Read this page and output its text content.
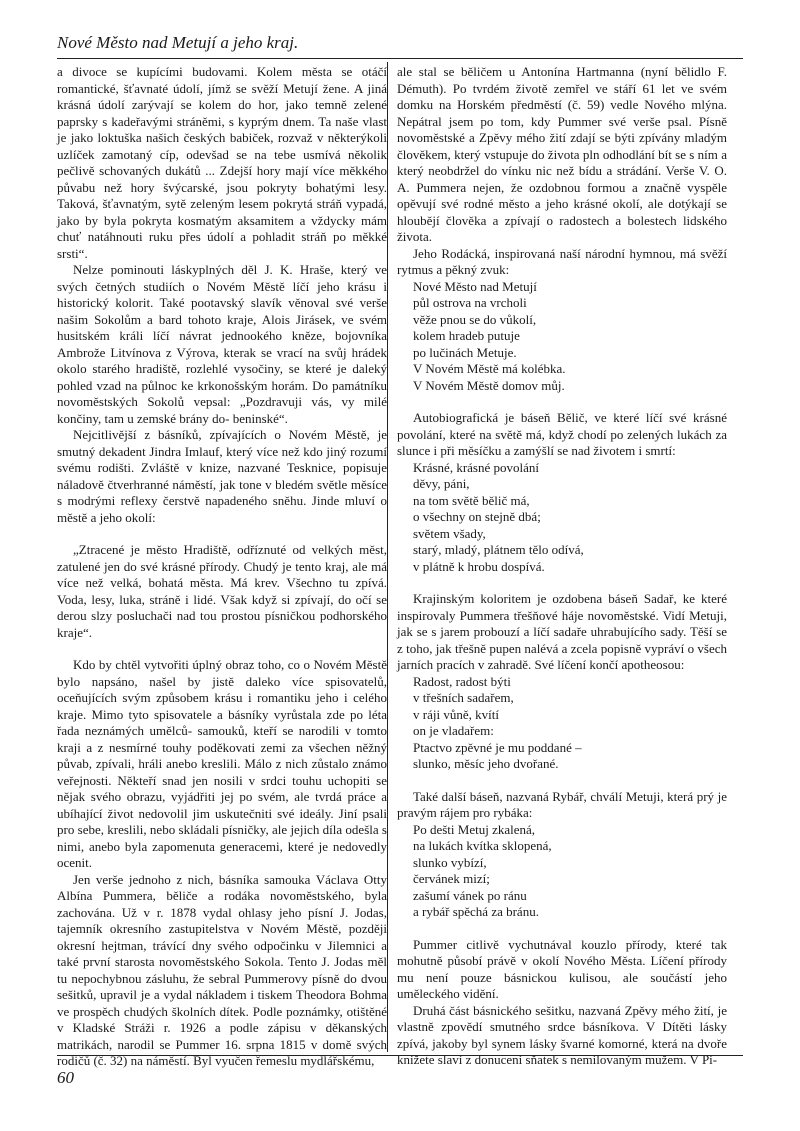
Nové Město nad Metují a jeho kraj.

a divoce se kupícími budovami. Kolem města se otáčí romantické, šťavnaté údolí, jímž se svěží Metují žene. A jiná krásná údolí zarývají se kolem do hor, jako temně zelené paprsky s kadeřavými stráněmi, s kyprým dnem. Ta naše vlast je jako loktuška našich českých babiček, rozvaž v některýkoli uzlíček zamotaný cíp, odevšad se na tebe usmívá několik pečlivě schovaných dukátů ... Zdejší hory mají více měkkého půvabu než hory švýcarské, jsou pokryty bohatými lesy. Taková, šťavnatým, sytě zeleným lesem pokrytá stráň vypadá, jako by byla pokryta kosmatým aksamitem a vždycky mám chuť natáhnouti ruku přes údolí a pohladit stráň po měkké srsti“.

Nelze pominouti láskyplných děl J. K. Hraše, který ve svých četných studiích o Novém Městě líčí jeho krásu i historický kolorit. Také pootavský slavík věnoval své verše našim Sokolům a bard tohoto kraje, Alois Jirásek, ve svém husitském králi líčí návrat jednookého kněze, bojovníka Ambrože Litvínova z Výrova, kterak se vrací na svůj hrádek okolo starého hradiště, rozlehlé vysočiny, se které je daleký pohled vzad na půlnoc ke krkonošským horám. Do památníku novoměstských Sokolů vepsal: „Pozdravuji vás, vy milé končiny, tam u zemské brány do- beninské“.

Nejcitlivější z básníků, zpívajících o Novém Městě, je smutný dekadent Jindra Imlauf, který více než kdo jiný rozumí svému rodišti. Zvláště v knize, nazvané Tesknice, popisuje náladově čtverhranné náměstí, jak tone v bledém světle měsíce s modrými reflexy čerstvě napadeného sněhu. Jinde mluví o městě a jeho okolí:

„Ztracené je město Hradiště, odříznuté od velkých měst, zatulené jen do své krásné přírody. Chudý je tento kraj, ale má více než velká, bohatá města. Má krev. Všechno tu zpívá. Voda, lesy, luka, stráně i lidé. Však když si zpívají, do očí se derou slzy posluchači nad tou prostou písničkou podhorského kraje“.

Kdo by chtěl vytvořiti úplný obraz toho, co o Novém Městě bylo napsáno, našel by jistě daleko více spisovatelů, oceňujících svým způsobem krásu i romantiku jeho i celého kraje. Mimo tyto spisovatele a básníky vyrůstala zde po léta řada neznámých umělců- samouků, kteří se narodili v tomto kraji a z nesmírné touhy poděkovati zemi za všechen něžný půvab, zpívali, hráli anebo kreslili. Málo z nich zůstalo známo veřejnosti. Někteří snad jen nosili v srdci touhu uchopiti se nějak svého obrazu, vyjádřiti jej po svém, ale tvrdá práce a ubíhající život nedovolil jim uskutečniti své ideály. Jiní psali pro sebe, kreslili, nebo skládali písničky, ale jejich díla odešla s nimi, anebo byla zapomenuta generacemi, které je nedovedly ocenit.

Jen verše jednoho z nich, básníka samouka Václava Otty Albína Pummera, běliče a rodáka novoměstského, byla zachována. Už v r. 1878 vydal ohlasy jeho písní J. Jodas, tajemník okresního zastupitelstva v Novém Městě, později okresní hejtman, trávící dny svého odpočinku v Jilemnici a také první starosta novoměstského Sokola. Tento J. Jodas měl tu nepochybnou zásluhu, že sebral Pummerovy písně do dvou sešitků, upravil je a vydal nákladem i tiskem Theodora Bohma ve prospěch chudých školních dítek. Podle poznámky, otištěné v Kladské Stráži r. 1926 a podle zápisu v děkanských matrikách, narodil se Pummer 16. srpna 1815 v domě svých rodičů (č. 32) na náměstí. Byl vyučen řemeslu mydlářskému,

ale stal se běličem u Antonína Hartmanna (nyní bělidlo F. Démuth). Po tvrdém životě zemřel ve stáří 61 let ve svém domku na Horském předměstí (č. 59) vedle Nového mlýna. Nepátral jsem po tom, kdy Pummer své verše psal. Písně novoměstské a Zpěvy mého žití zdají se býti zpívány mladým člověkem, který vstupuje do života pln odhodlání bít se s ním a který neobdržel do vínku nic než bídu a strádání. Verše V. O. A. Pummera nejen, že ozdobnou formou a značně vyspěle opěvují své rodné město a jeho krásné okolí, ale dotýkají se hloubějí člověka a zpívají o radostech a bolestech lidského života.

Jeho Rodácká, inspirovaná naší národní hymnou, má svěží rytmus a pěkný zvuk:

Nové Město nad Metují
půl ostrova na vrcholi
věže pnou se do vůkolí,
kolem hradeb putuje
po lučinách Metuje.
V Novém Městě má kolébka.
V Novém Městě domov můj.

Autobiografická je báseň Bělič, ve které líčí své krásné povolání, které na světě má, když chodí po zelených lukách za slunce i při měsíčku a zamýšlí se nad životem i smrtí:

Krásné, krásné povolání
děvy, páni,
na tom světě bělič má,
o všechny on stejně dbá;
světem všady,
starý, mladý, plátnem tělo odívá,
v plátně k hrobu dospívá.

Krajinským koloritem je ozdobena báseň Sadař, ke které inspirovaly Pummera třešňové háje novoměstské. Vidí Metuji, jak se s jarem probouzí a líčí sadaře uhrabujícího sady. Těší se z toho, jak třešně pupen nalévá a zcela popisně vypráví o všech jarních pracích v zahradě. Své líčení končí apotheosou:

Radost, radost býti
v třešních sadařem,
v ráji vůně, kvítí
on je vladařem:
Ptactvo zpěvné je mu poddané –
slunko, měsíc jeho dvořané.

Také další báseň, nazvaná Rybář, chválí Metuji, která prý je pravým rájem pro rybáka:

Po dešti Metuj zkalená,
na lukách kvítka sklopená,
slunko vybízí,
červánek mizí;
zašumí vánek po ránu
a rybář spěchá za bránu.

Pummer citlivě vychutnával kouzlo přírody, které tak mohutně působí právě v okolí Nového Města. Líčení přírody mu není pouze básnickou kulisou, ale součástí jeho uměleckého vidění.

Druhá část básnického sešitku, nazvaná Zpěvy mého žití, je vlastně zpovědí smutného srdce básníkova. V Dítěti lásky zpívá, jakoby byl synem lásky švarné komorné, která na dvoře knížete slaví z donucení sňatek s nemilovaným mužem. V Pí-

60
